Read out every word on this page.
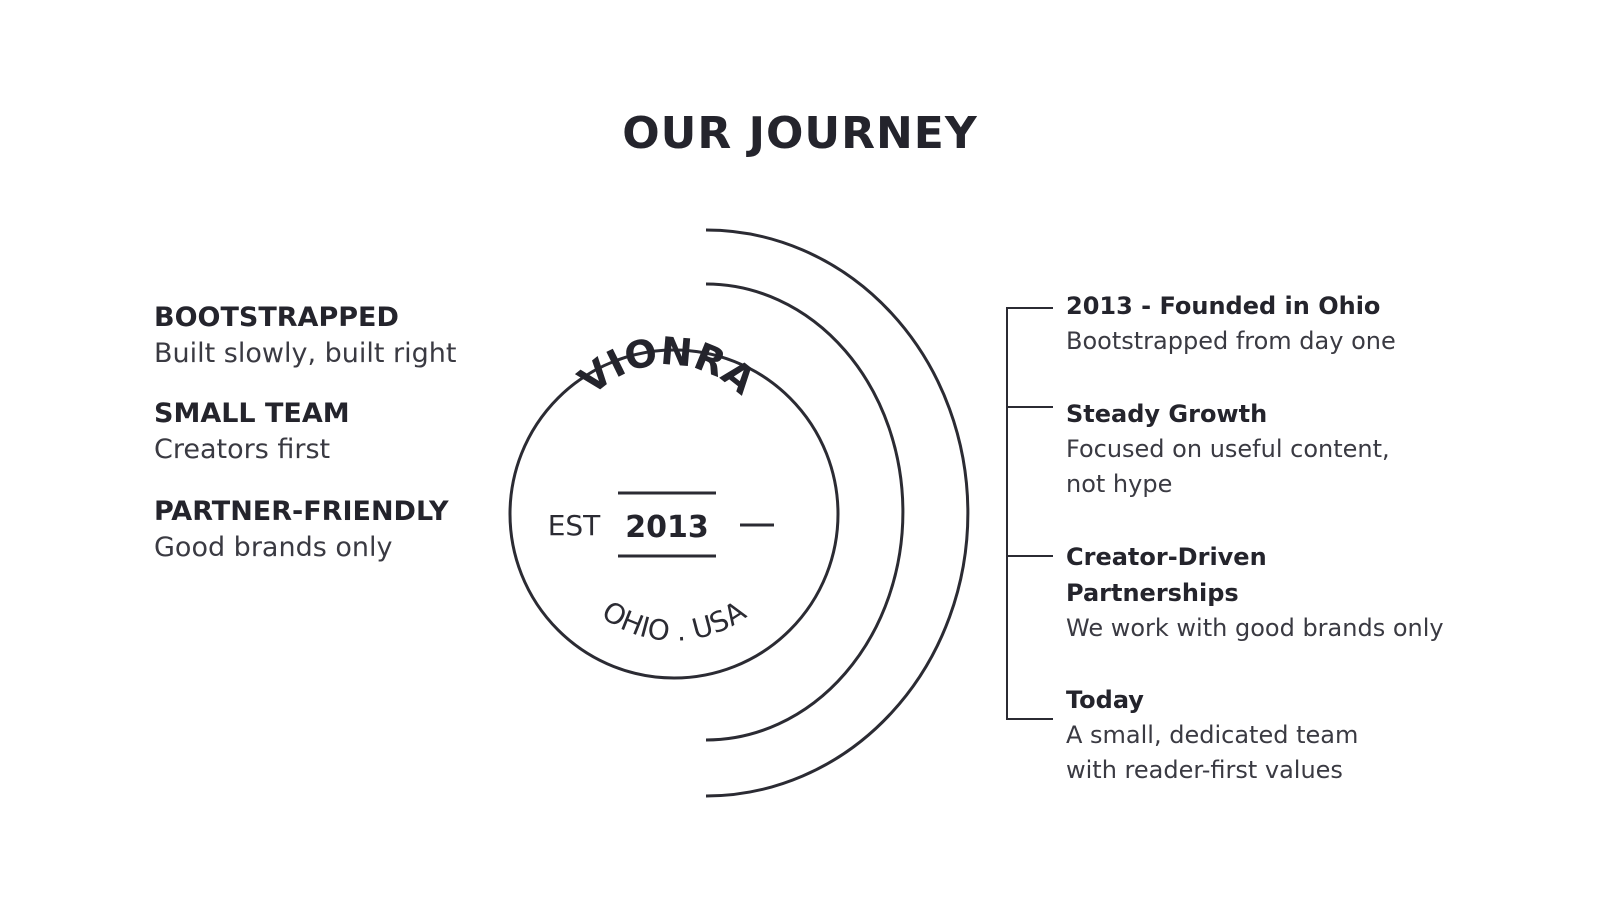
OUR JOURNEY
BOOTSTRAPPED
Built slowly, built right
SMALL TEAM
Creators first
PARTNER-FRIENDLY
Good brands only
VIONRA
EST 2013
OHIO . USA
2013 - Founded in Ohio
Bootstrapped from day one
Steady Growth
Focused on useful content,
not hype
Creator-Driven
Partnerships
We work with good brands only
Today
A small, dedicated team
with reader-first values
